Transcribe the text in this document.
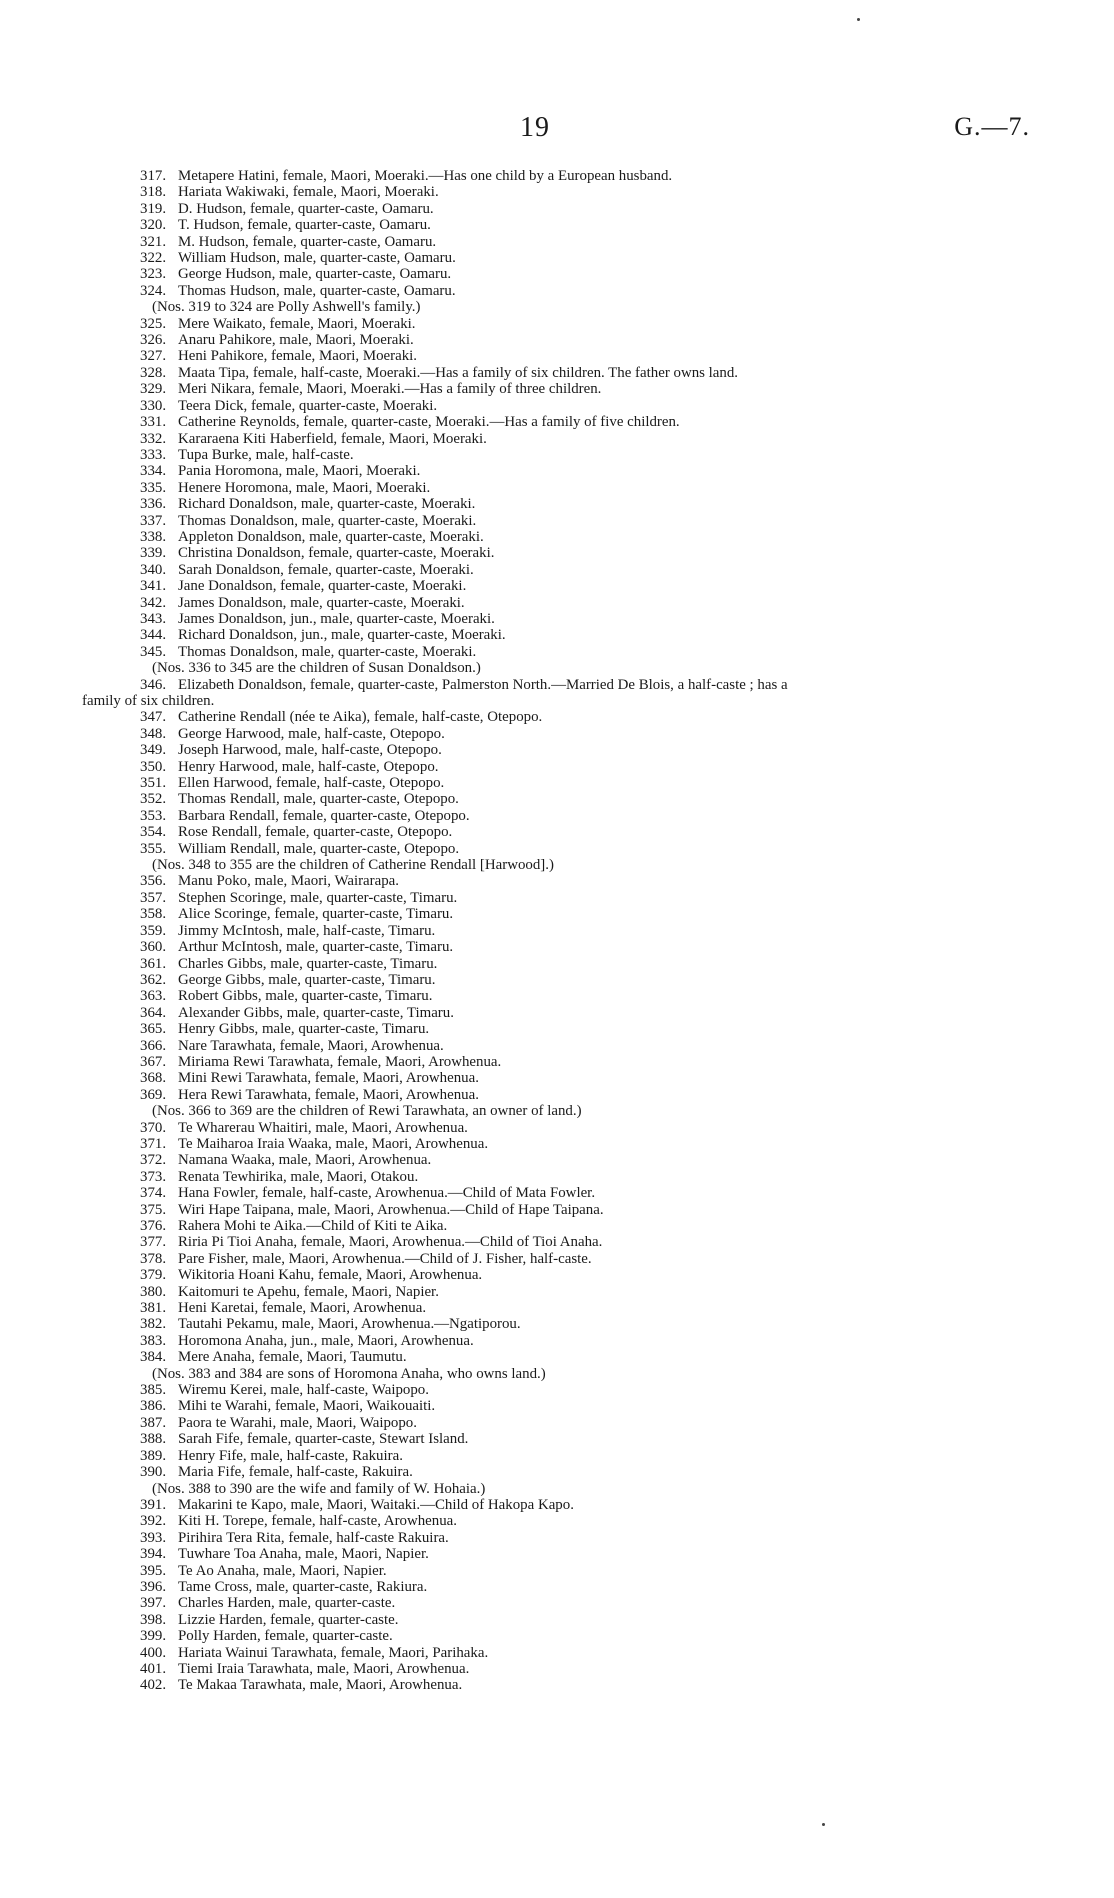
19	G.—7.
317. Metapere Hatini, female, Maori, Moeraki.—Has one child by a European husband.
318. Hariata Wakiwaki, female, Maori, Moeraki.
319. D. Hudson, female, quarter-caste, Oamaru.
320. T. Hudson, female, quarter-caste, Oamaru.
321. M. Hudson, female, quarter-caste, Oamaru.
322. William Hudson, male, quarter-caste, Oamaru.
323. George Hudson, male, quarter-caste, Oamaru.
324. Thomas Hudson, male, quarter-caste, Oamaru.
(Nos. 319 to 324 are Polly Ashwell's family.)
325. Mere Waikato, female, Maori, Moeraki.
326. Anaru Pahikore, male, Maori, Moeraki.
327. Heni Pahikore, female, Maori, Moeraki.
328. Maata Tipa, female, half-caste, Moeraki.—Has a family of six children. The father owns land.
329. Meri Nikara, female, Maori, Moeraki.—Has a family of three children.
330. Teera Dick, female, quarter-caste, Moeraki.
331. Catherine Reynolds, female, quarter-caste, Moeraki.—Has a family of five children.
332. Kararaena Kiti Haberfield, female, Maori, Moeraki.
333. Tupa Burke, male, half-caste.
334. Pania Horomona, male, Maori, Moeraki.
335. Henere Horomona, male, Maori, Moeraki.
336. Richard Donaldson, male, quarter-caste, Moeraki.
337. Thomas Donaldson, male, quarter-caste, Moeraki.
338. Appleton Donaldson, male, quarter-caste, Moeraki.
339. Christina Donaldson, female, quarter-caste, Moeraki.
340. Sarah Donaldson, female, quarter-caste, Moeraki.
341. Jane Donaldson, female, quarter-caste, Moeraki.
342. James Donaldson, male, quarter-caste, Moeraki.
343. James Donaldson, jun., male, quarter-caste, Moeraki.
344. Richard Donaldson, jun., male, quarter-caste, Moeraki.
345. Thomas Donaldson, male, quarter-caste, Moeraki.
(Nos. 336 to 345 are the children of Susan Donaldson.)
346. Elizabeth Donaldson, female, quarter-caste, Palmerston North.—Married De Blois, a half-caste ; has a
family of six children.
347. Catherine Rendall (née te Aika), female, half-caste, Otepopo.
348. George Harwood, male, half-caste, Otepopo.
349. Joseph Harwood, male, half-caste, Otepopo.
350. Henry Harwood, male, half-caste, Otepopo.
351. Ellen Harwood, female, half-caste, Otepopo.
352. Thomas Rendall, male, quarter-caste, Otepopo.
353. Barbara Rendall, female, quarter-caste, Otepopo.
354. Rose Rendall, female, quarter-caste, Otepopo.
355. William Rendall, male, quarter-caste, Otepopo.
(Nos. 348 to 355 are the children of Catherine Rendall [Harwood].)
356. Manu Poko, male, Maori, Wairarapa.
357. Stephen Scoringe, male, quarter-caste, Timaru.
358. Alice Scoringe, female, quarter-caste, Timaru.
359. Jimmy McIntosh, male, half-caste, Timaru.
360. Arthur McIntosh, male, quarter-caste, Timaru.
361. Charles Gibbs, male, quarter-caste, Timaru.
362. George Gibbs, male, quarter-caste, Timaru.
363. Robert Gibbs, male, quarter-caste, Timaru.
364. Alexander Gibbs, male, quarter-caste, Timaru.
365. Henry Gibbs, male, quarter-caste, Timaru.
366. Nare Tarawhata, female, Maori, Arowhenua.
367. Miriama Rewi Tarawhata, female, Maori, Arowhenua.
368. Mini Rewi Tarawhata, female, Maori, Arowhenua.
369. Hera Rewi Tarawhata, female, Maori, Arowhenua.
(Nos. 366 to 369 are the children of Rewi Tarawhata, an owner of land.)
370. Te Wharerau Whaitiri, male, Maori, Arowhenua.
371. Te Maiharoa Iraia Waaka, male, Maori, Arowhenua.
372. Namana Waaka, male, Maori, Arowhenua.
373. Renata Tewhirika, male, Maori, Otakou.
374. Hana Fowler, female, half-caste, Arowhenua.—Child of Mata Fowler.
375. Wiri Hape Taipana, male, Maori, Arowhenua.—Child of Hape Taipana.
376. Rahera Mohi te Aika.—Child of Kiti te Aika.
377. Riria Pi Tioi Anaha, female, Maori, Arowhenua.—Child of Tioi Anaha.
378. Pare Fisher, male, Maori, Arowhenua.—Child of J. Fisher, half-caste.
379. Wikitoria Hoani Kahu, female, Maori, Arowhenua.
380. Kaitomuri te Apehu, female, Maori, Napier.
381. Heni Karetai, female, Maori, Arowhenua.
382. Tautahi Pekamu, male, Maori, Arowhenua.—Ngatiporou.
383. Horomona Anaha, jun., male, Maori, Arowhenua.
384. Mere Anaha, female, Maori, Taumutu.
(Nos. 383 and 384 are sons of Horomona Anaha, who owns land.)
385. Wiremu Kerei, male, half-caste, Waipopo.
386. Mihi te Warahi, female, Maori, Waikouaiti.
387. Paora te Warahi, male, Maori, Waipopo.
388. Sarah Fife, female, quarter-caste, Stewart Island.
389. Henry Fife, male, half-caste, Rakuira.
390. Maria Fife, female, half-caste, Rakuira.
(Nos. 388 to 390 are the wife and family of W. Hohaia.)
391. Makarini te Kapo, male, Maori, Waitaki.—Child of Hakopa Kapo.
392. Kiti H. Torepe, female, half-caste, Arowhenua.
393. Pirihira Tera Rita, female, half-caste Rakuira.
394. Tuwhare Toa Anaha, male, Maori, Napier.
395. Te Ao Anaha, male, Maori, Napier.
396. Tame Cross, male, quarter-caste, Rakiura.
397. Charles Harden, male, quarter-caste.
398. Lizzie Harden, female, quarter-caste.
399. Polly Harden, female, quarter-caste.
400. Hariata Wainui Tarawhata, female, Maori, Parihaka.
401. Tiemi Iraia Tarawhata, male, Maori, Arowhenua.
402. Te Makaa Tarawhata, male, Maori, Arowhenua.
